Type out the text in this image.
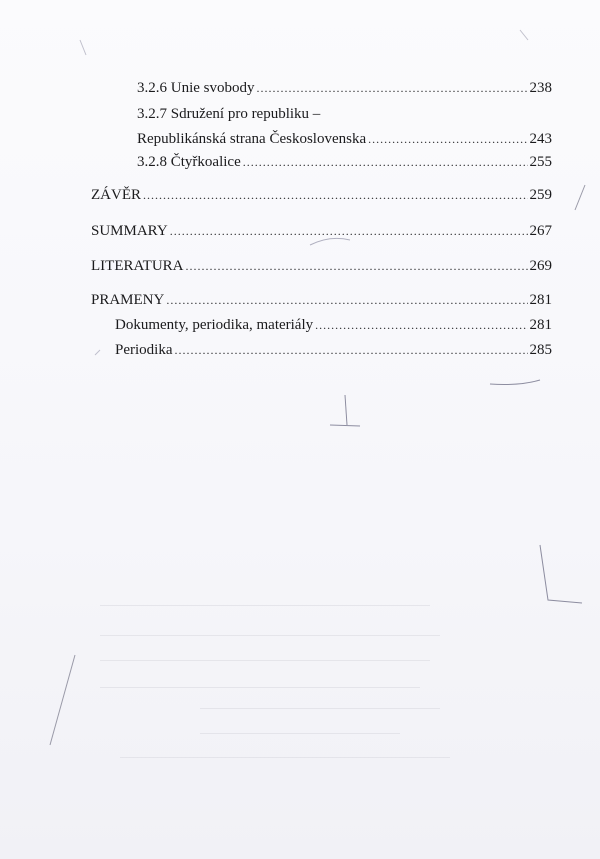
3.2.6 Unie svobody .....	238
3.2.7 Sdružení pro republiku –
Republikánská strana Československa .....	243
3.2.8 Čtyřkoalice .....	255
ZÁVĚR .....	259
SUMMARY .....	267
LITERATURA .....	269
PRAMENY .....	281
Dokumenty, periodika, materiály .....	281
Periodika .....	285
